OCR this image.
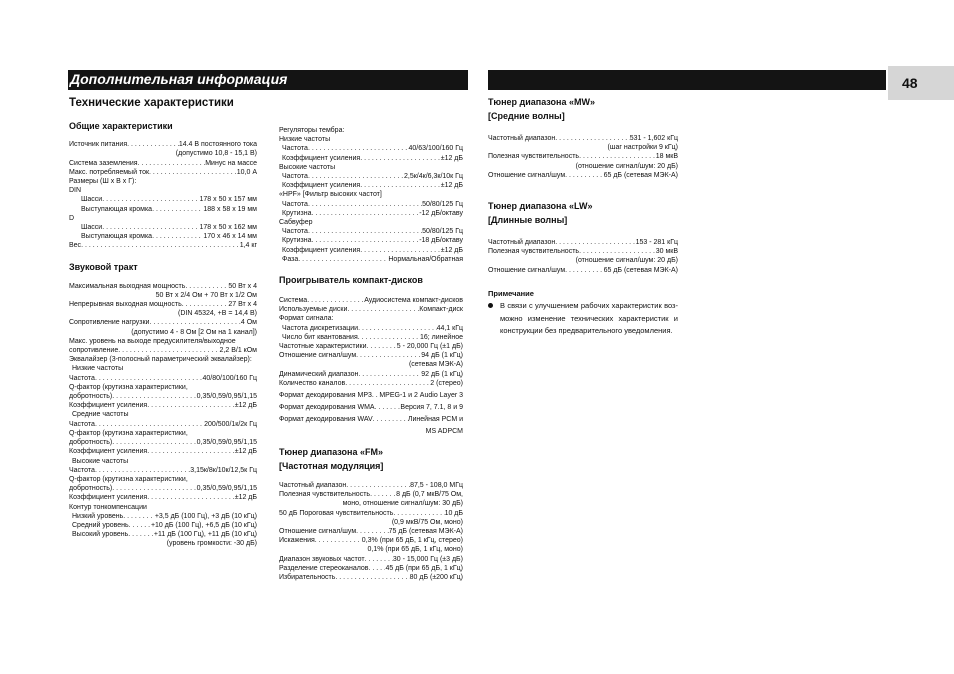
Дополнительная информация	48
Технические характеристики
Общие характеристики
Источник питания . . .	14.4 В постоянного тока
(допустимо 10,8 - 15,1 В)
Система заземления . . .	Минус на массе
Макс. потребляемый ток . . .	10,0 А
Размеры (Ш x В x Г):
DIN
Шасси . . .	178 x 50 x 157 мм
Выступающая кромка . . .	188 x 58 x 19 мм
D
Шасси . . .	178 x 50 x 162 мм
Выступающая кромка . . .	170 x 46 x 14 мм
Вес . . .	1,4 кг
Звуковой тракт
Максимальная выходная мощность . . .	50 Вт x 4
50 Вт x 2/4 Ом + 70 Вт x 1/2 Ом
Непрерывная выходная мощность . . .	27 Вт x 4
(DIN 45324, +B = 14,4 В)
Сопротивление нагрузки . . .	4 Ом
(допустимо 4 - 8 Ом [2 Ом на 1 канал])
Макс. уровень на выходе предусилителя/выходное
сопротивление . . .	2,2 В/1 кОм
Эквалайзер (3-полосный параметрический эквалайзер):
Низкие частоты
Частота . . .	40/80/100/160 Гц
Q-фактор (крутизна характеристики,
добротность) . . .	0,35/0,59/0,95/1,15
Коэффициент усиления . . .	±12 дБ
Средние частоты
Частота . . .	200/500/1к/2к Гц
Q-фактор (крутизна характеристики,
добротность) . . .	0,35/0,59/0,95/1,15
Коэффициент усиления . . .	±12 дБ
Высокие частоты
Частота . . .	3,15к/8к/10к/12,5к Гц
Q-фактор (крутизна характеристики,
добротность) . . .	0,35/0,59/0,95/1,15
Коэффициент усиления . . .	±12 дБ
Контур тонкомпенсации
Низкий уровень . . .	+3,5 дБ (100 Гц), +3 дБ (10 кГц)
Средний уровень . . .	+10 дБ (100 Гц), +6,5 дБ (10 кГц)
Высокий уровень . . .	+11 дБ (100 Гц), +11 дБ (10 кГц)
(уровень громкости: -30 дБ)
Регуляторы тембра:
Низкие частоты
Частота . . .	40/63/100/160 Гц
Коэффициент усиления . . .	±12 дБ
Высокие частоты
Частота . . .	2,5к/4к/6,3к/10к Гц
Коэффициент усиления . . .	±12 дБ
«HPF» [Фильтр высоких частот]
Частота . . .	50/80/125 Гц
Крутизна . . .	-12 дБ/октаву
Сабвуфер
Частота . . .	50/80/125 Гц
Крутизна . . .	-18 дБ/октаву
Коэффициент усиления . . .	±12 дБ
Фаза . . .	Нормальная/Обратная
Проигрыватель компакт-дисков
Система . . .	Аудиосистема компакт-дисков
Используемые диски . . .	Компакт-диск
Формат сигнала:
Частота дискретизации . . .	44,1 кГц
Число бит квантования . . .	16; линейное
Частотные характеристики . . .	5 - 20,000 Гц (±1 дБ)
Отношение сигнал/шум . . .	94 дБ (1 кГц)
(сетевая МЭК-A)
Динамический диапазон . . .	92 дБ (1 кГц)
Количество каналов . . .	2 (стерео)
Формат декодирования MP3 . . . MPEG-1 и 2 Audio Layer 3
Формат декодирования WMA . . .	Версия 7, 7.1, 8 и 9
Формат декодирования WAV . . .	Линейная PCM и
MS ADPCM
Тюнер диапазона «FM»
[Частотная модуляция]
Частотный диапазон . . .	87,5 - 108,0 МГц
Полезная чувствительность . . .	8 дБ (0,7 мкВ/75 Ом,
моно, отношение сигнал/шум: 30 дБ)
50 дБ Пороговая чувствительность . . .	10 дБ
(0,9 мкВ/75 Ом, моно)
Отношение сигнал/шум . . .	75 дБ (сетевая МЭК-A)
Искажения . . .	0,3% (при 65 дБ, 1 кГц, стерео)
0,1% (при 65 дБ, 1 кГц, моно)
Диапазон звуковых частот . . .	30 - 15,000 Гц (±3 дБ)
Разделение стереоканалов . . . 45 дБ (при 65 дБ, 1 кГц)
Избирательность . . .	80 дБ (±200 кГц)
Тюнер диапазона «MW»
[Средние волны]
Частотный диапазон . . .	531 - 1,602 кГц
(шаг настройки 9 кГц)
Полезная чувствительность . . .	18 мкВ
(отношение сигнал/шум: 20 дБ)
Отношение сигнал/шум . . .	65 дБ (сетевая МЭК-A)
Тюнер диапазона «LW»
[Длинные волны]
Частотный диапазон . . .	153 - 281 кГц
Полезная чувствительность . . .	30 мкВ
(отношение сигнал/шум: 20 дБ)
Отношение сигнал/шум . . .	65 дБ (сетевая МЭК-A)
Примечание
В связи с улучшением рабочих характеристик воз-можно изменение технических характеристик и конструкции без предварительного уведомления.
